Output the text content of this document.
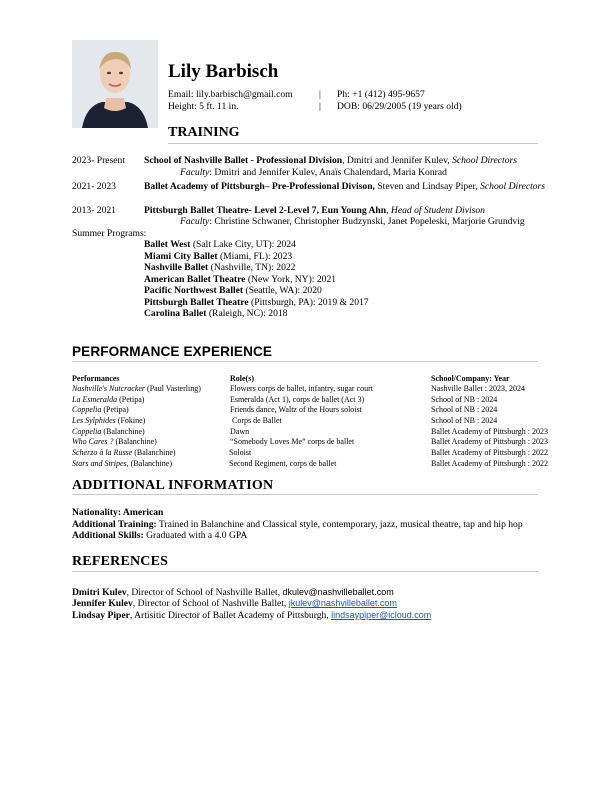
Lily Barbisch
Email: lily.barbisch@gmail.com	| Ph: +1 (412) 495-9657
Height: 5 ft. 11 in.	| DOB: 06/29/2005 (19 years old)
TRAINING
2023- Present School of Nashville Ballet - Professional Division, Dmitri and Jennifer Kulev, School Directors
Faculty: Dmitri and Jennifer Kulev, Anaïs Chalendard, Maria Konrad
2021- 2023	Ballet Academy of Pittsburgh– Pre-Professional Divison, Steven and Lindsay Piper, School Directors
2013- 2021	Pittsburgh Ballet Theatre- Level 2-Level 7, Eun Young Ahn, Head of Student Divison
Faculty: Christine Schwaner, Christopher Budzynski, Janet Popeleski, Marjorie Grundvig
Summer Programs:
Ballet West (Salt Lake City, UT): 2024
Miami City Ballet (Miami, FL): 2023
Nashville Ballet (Nashville, TN): 2022
American Ballet Theatre (New York, NY): 2021
Pacific Northwest Ballet (Seattle, WA): 2020
Pittsburgh Ballet Theatre (Pittsburgh, PA): 2019 & 2017
Carolina Ballet (Raleigh, NC): 2018
PERFORMANCE EXPERIENCE
Performances	Role(s)	School/Company: Year
Nashville's Nutcracker (Paul Vasterling)	Flowers corps de ballet, infantry, sugar court	Nashville Ballet : 2023, 2024
La Esmeralda (Petipa)	Esmeralda (Act 1), corps de ballet (Act 3)	School of NB : 2024
Coppelia (Petipa)	Friends dance, Waltz of the Hours soloist	School of NB : 2024
Les Sylphides (Fokine)	Corps de Ballet	School of NB : 2024
Coppelia (Balanchine)	Dawn	Ballet Academy of Pittsburgh : 2023
Who Cares ? (Balanchine)	“Somebody Loves Me” corps de ballet	Ballet Academy of Pittsburgh : 2023
Scherzo à la Russe (Balanchine)	Soloist	Ballet Academy of Pittsburgh : 2022
Stars and Stripes, (Balanchine)	Second Regiment, corps de ballet	Ballet Academy of Pittsburgh : 2022
ADDITIONAL INFORMATION
Nationality: American
Additional Training: Trained in Balanchine and Classical style, contemporary, jazz, musical theatre, tap and hip hop
Additional Skills: Graduated with a 4.0 GPA
REFERENCES
Dmitri Kulev, Director of School of Nashville Ballet, dkulev@nashvilleballet.com
Jennifer Kulev, Director of School of Nashville Ballet, jkulev@nashvilleballet.com
Lindsay Piper, Artisitic Director of Ballet Academy of Pittsburgh, lindsaypiper@icloud.com
